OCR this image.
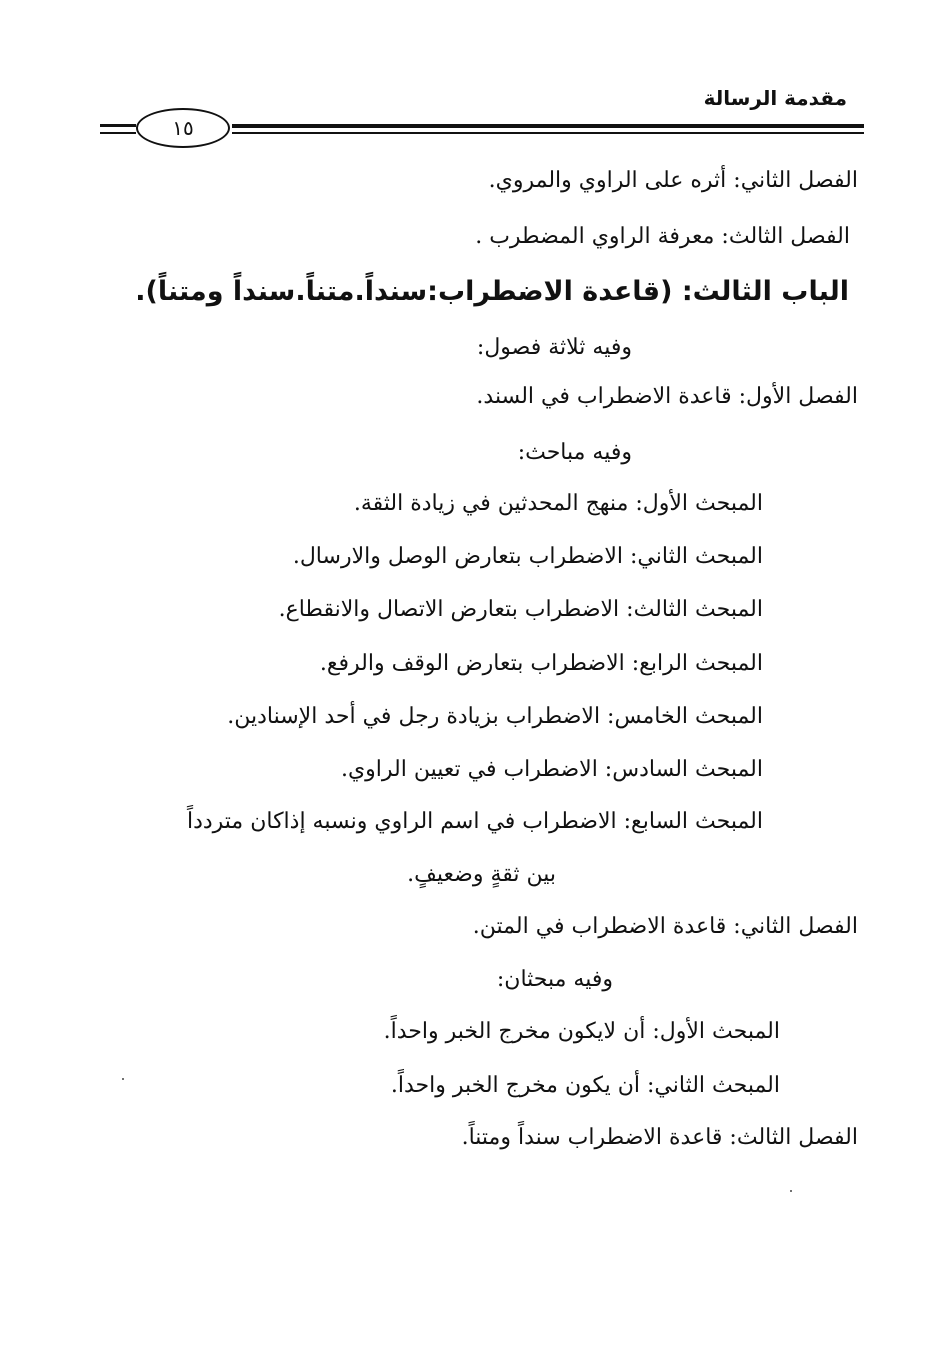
مقدمة الرسالة
١٥
الفصل الثاني: أثره على الراوي والمروي.
الفصل الثالث: معرفة الراوي المضطرب .
الباب الثالث: (قاعدة الاضطراب:سنداً.متناً.سنداً ومتناً).
وفيه ثلاثة فصول:
الفصل الأول: قاعدة الاضطراب في السند.
وفيه مباحث:
المبحث الأول: منهج المحدثين في زيادة الثقة.
المبحث الثاني: الاضطراب بتعارض الوصل والارسال.
المبحث الثالث: الاضطراب بتعارض الاتصال والانقطاع.
المبحث الرابع: الاضطراب بتعارض الوقف والرفع.
المبحث الخامس: الاضطراب بزيادة رجل في أحد الإسنادين.
المبحث السادس: الاضطراب في تعيين الراوي.
المبحث السابع: الاضطراب في اسم الراوي ونسبه إذاكان متردداً
بين ثقةٍ وضعيفٍ.
الفصل الثاني: قاعدة الاضطراب في المتن.
وفيه مبحثان:
المبحث الأول: أن لايكون مخرج الخبر واحداً.
المبحث الثاني: أن يكون مخرج الخبر واحداً.
الفصل الثالث: قاعدة الاضطراب سنداً ومتناً.
